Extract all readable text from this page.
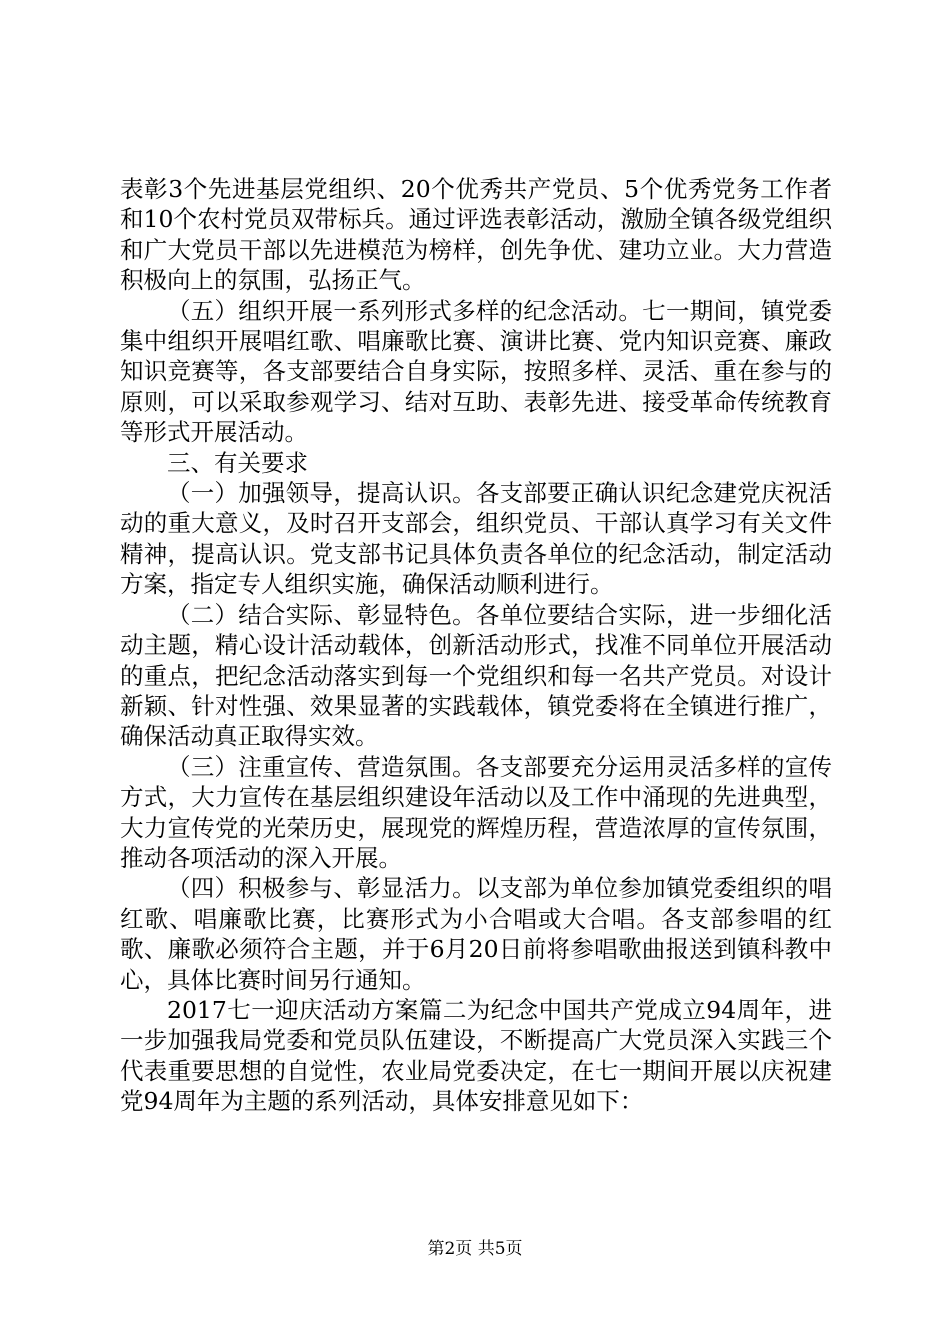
表彰3个先进基层党组织、20个优秀共产党员、5个优秀党务工作者和10个农村党员双带标兵。通过评选表彰活动，激励全镇各级党组织和广大党员干部以先进模范为榜样，创先争优、建功立业。大力营造积极向上的氛围，弘扬正气。

（五）组织开展一系列形式多样的纪念活动。七一期间，镇党委集中组织开展唱红歌、唱廉歌比赛、演讲比赛、党内知识竞赛、廉政知识竞赛等，各支部要结合自身实际，按照多样、灵活、重在参与的原则，可以采取参观学习、结对互助、表彰先进、接受革命传统教育等形式开展活动。

三、有关要求

（一）加强领导，提高认识。各支部要正确认识纪念建党庆祝活动的重大意义，及时召开支部会，组织党员、干部认真学习有关文件精神，提高认识。党支部书记具体负责各单位的纪念活动，制定活动方案，指定专人组织实施，确保活动顺利进行。

（二）结合实际、彰显特色。各单位要结合实际，进一步细化活动主题，精心设计活动载体，创新活动形式，找准不同单位开展活动的重点，把纪念活动落实到每一个党组织和每一名共产党员。对设计新颖、针对性强、效果显著的实践载体，镇党委将在全镇进行推广，确保活动真正取得实效。

（三）注重宣传、营造氛围。各支部要充分运用灵活多样的宣传方式，大力宣传在基层组织建设年活动以及工作中涌现的先进典型，大力宣传党的光荣历史，展现党的辉煌历程，营造浓厚的宣传氛围，推动各项活动的深入开展。

（四）积极参与、彰显活力。以支部为单位参加镇党委组织的唱红歌、唱廉歌比赛，比赛形式为小合唱或大合唱。各支部参唱的红歌、廉歌必须符合主题，并于6月20日前将参唱歌曲报送到镇科教中心，具体比赛时间另行通知。

2017七一迎庆活动方案篇二为纪念中国共产党成立94周年，进一步加强我局党委和党员队伍建设，不断提高广大党员深入实践三个代表重要思想的自觉性，农业局党委决定，在七一期间开展以庆祝建党94周年为主题的系列活动，具体安排意见如下：

第2页 共5页
